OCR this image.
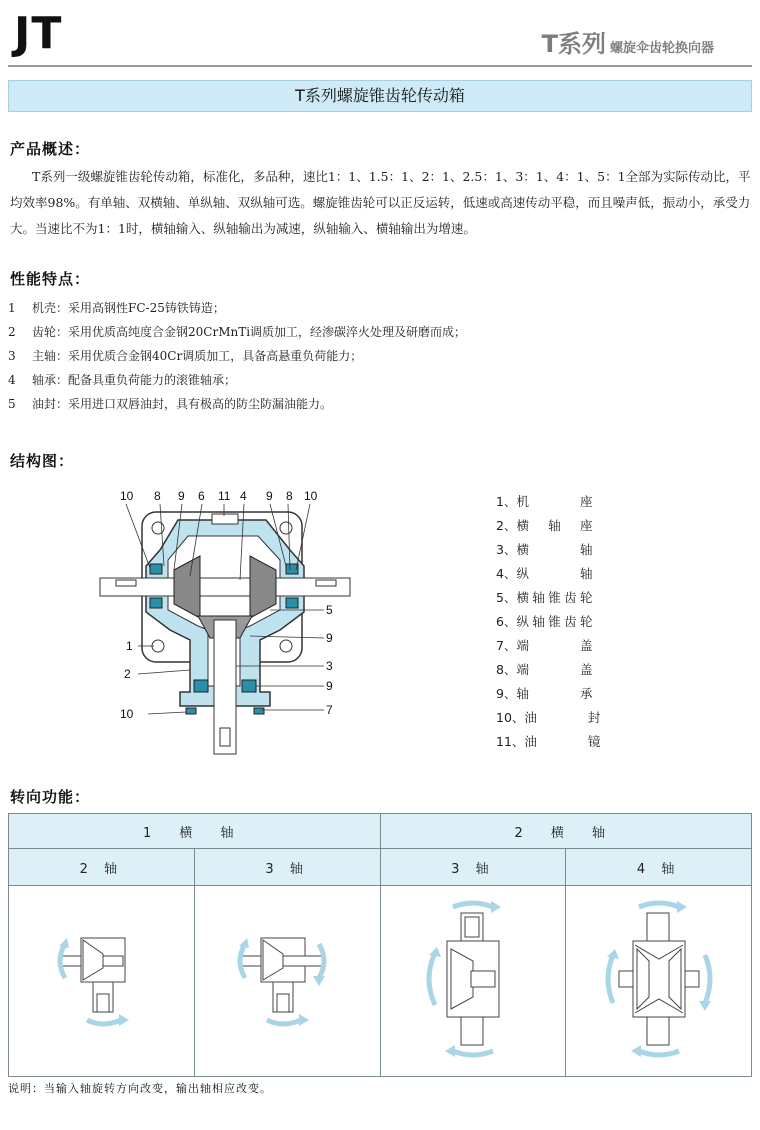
JT	T系列 螺旋伞齿轮换向器
T系列螺旋锥齿轮传动箱
产品概述：
T系列一级螺旋锥齿轮传动箱，标准化，多品种，速比1：1、1.5：1、2：1、2.5：1、3：1、4：1、5：1全部为实际传动比，平均效率98%。有单轴、双横轴、单纵轴、双纵轴可选。螺旋锥齿轮可以正反运转，低速或高速传动平稳，而且噪声低，振动小，承受力大。当速比不为1：1时，横轴输入、纵轴输出为减速，纵轴输入、横轴输出为增速。
性能特点：
1 机壳：采用高钢性FC-25铸铁铸造；
2 齿轮：采用优质高纯度合金钢20CrMnTi调质加工，经渗碳淬火处理及研磨而成；
3 主轴：采用优质合金钢40Cr调质加工，具备高悬重负荷能力；
4 轴承：配备具重负荷能力的滚锥轴承；
5 油封：采用进口双唇油封，具有极高的防尘防漏油能力。
结构图：
10 8 9 6 11 4 9 8 10
5
9
3
9
7
1
2
10
1、机座
2、横轴座
3、横轴
4、纵轴
5、横轴锥齿轮
6、纵轴锥齿轮
7、端盖
8、端盖
9、轴承
10、油封
11、油镜
转向功能：
1 横 轴		2 横 轴	
2 轴	3 轴	3 轴	4 轴

说明：当输入轴旋转方向改变，输出轴相应改变。
